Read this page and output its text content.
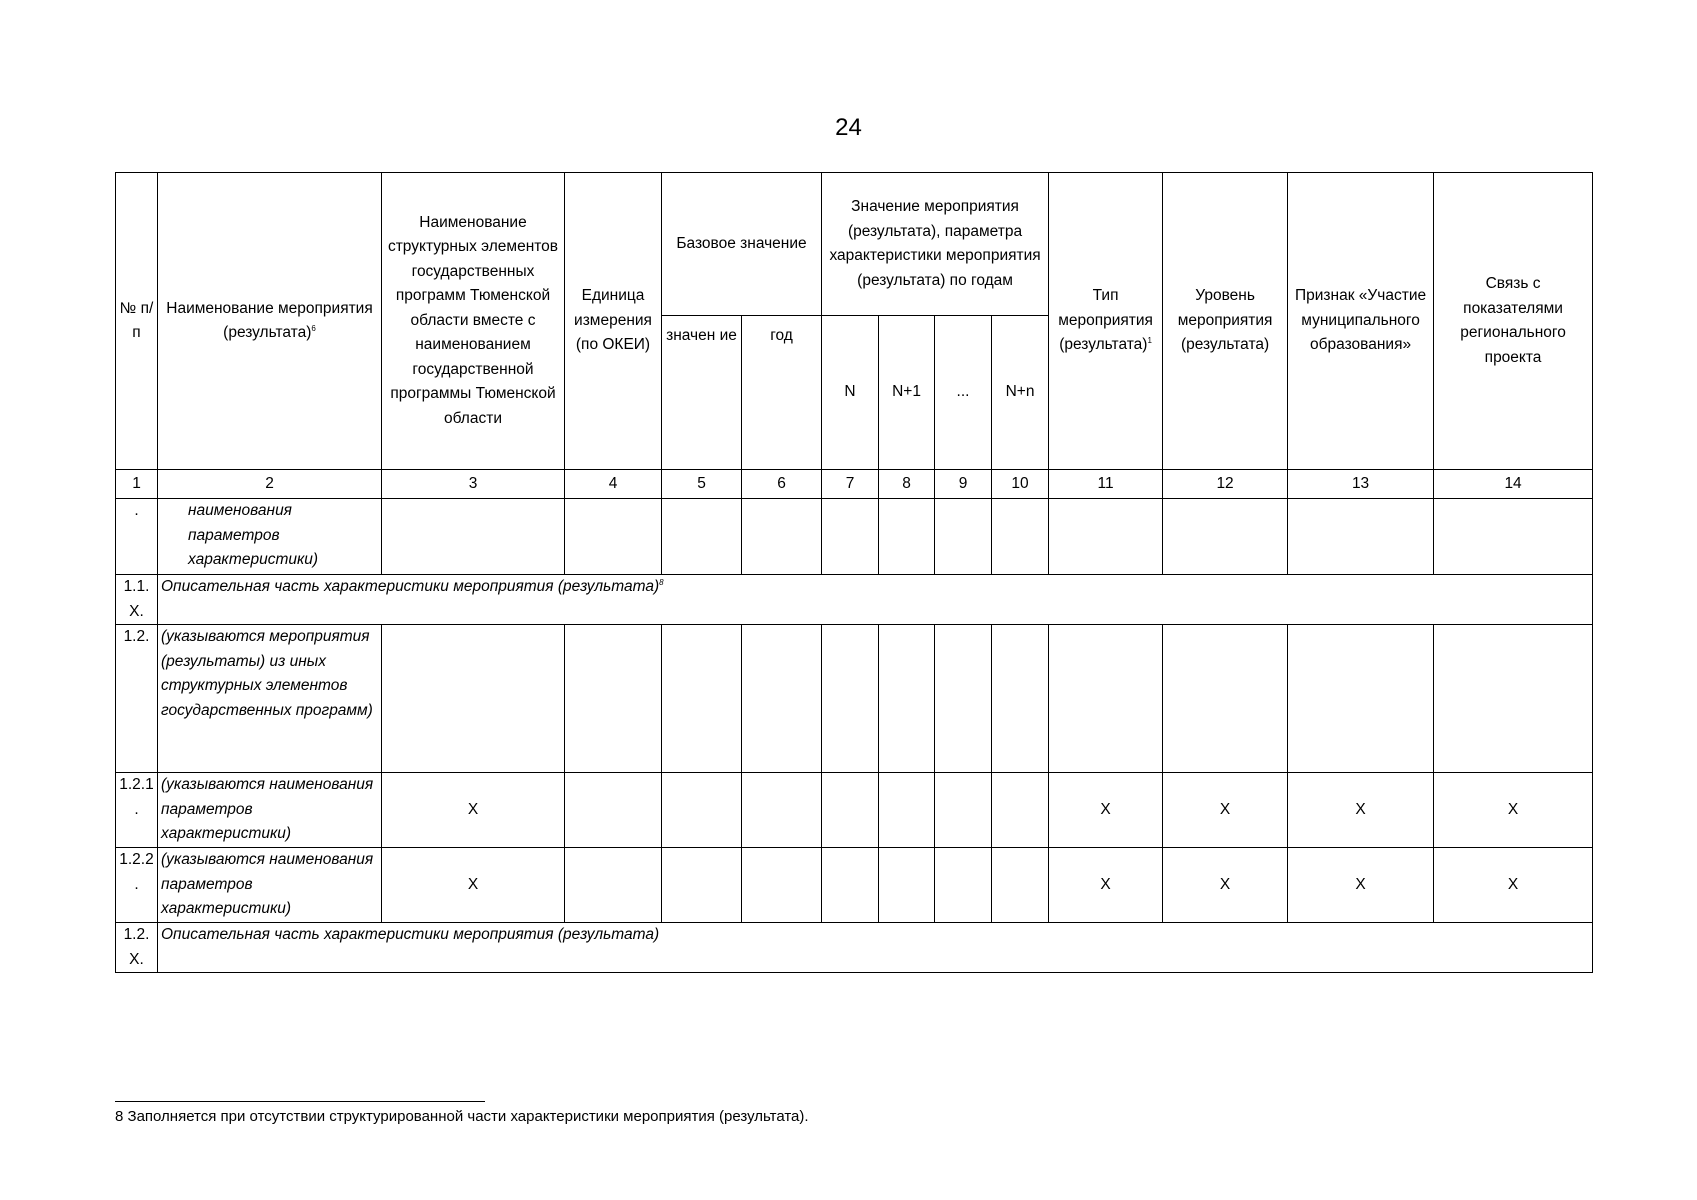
24
№ п/п	Наименование мероприятия (результата)$^6$	Наименование структурных элементов государственных программ Тюменской области вместе с наименованием государственной программы Тюменской области	Единица измерения (по ОКЕИ)	Базовое значение		Значение мероприятия (результата), параметра характеристики мероприятия (результата) по годам				Тип мероприятия (результата)$^1$	Уровень мероприятия (результата)	Признак «Участие муниципального образования»	Связь с показателями регионального проекта
				значен ие	год	N	N+1	...	N+n				
1	2	3	4	5	6	7	8	9	10	11	12	13	14
.	наименования параметров характеристики)												
1.1. Х.	Описательная часть характеристики мероприятия (результата)$^8$
1.2.	(указываются мероприятия (результаты) из иных структурных элементов государственных программ)												
1.2.1 .	(указываются наименования параметров характеристики)	Х								Х	Х	Х	Х
1.2.2 .	(указываются наименования параметров характеристики)	Х								Х	Х	Х	Х
1.2. Х.	Описательная часть характеристики мероприятия (результата)												
8 Заполняется при отсутствии структурированной части характеристики мероприятия (результата).
